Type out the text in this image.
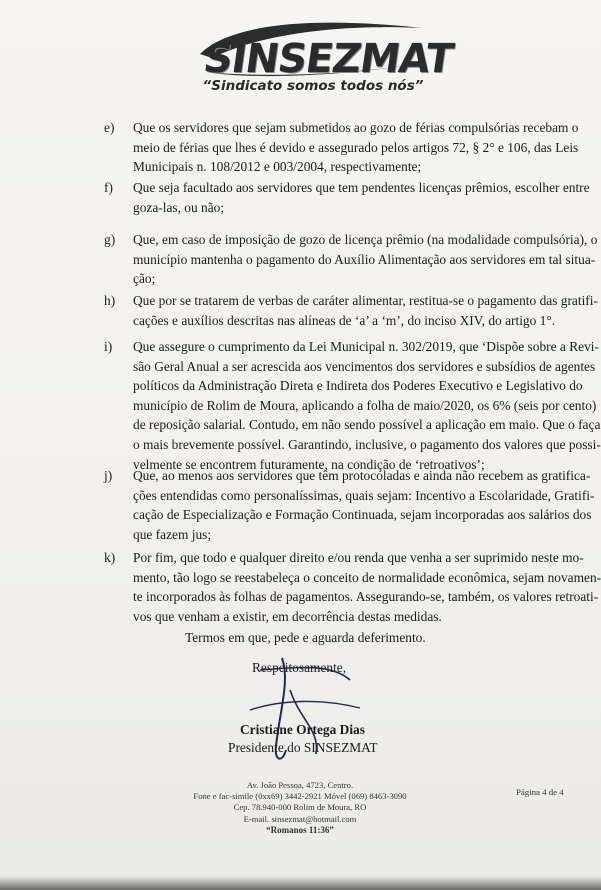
SINSEZMAT
“Sindicato somos todos nós”
e)	Que os servidores que sejam submetidos ao gozo de férias compulsórias recebam o
meio de férias que lhes é devido e assegurado pelos artigos 72, § 2° e 106, das Leis
Municipais n. 108/2012 e 003/2004, respectivamente;
f)	Que seja facultado aos servidores que tem pendentes licenças prêmios, escolher entre
goza-las, ou não;
g)	Que, em caso de imposição de gozo de licença prêmio (na modalidade compulsória), o
município mantenha o pagamento do Auxílio Alimentação aos servidores em tal situa-
ção;
h)	Que por se tratarem de verbas de caráter alimentar, restitua-se o pagamento das gratifi-
cações e auxílios descritas nas alíneas de ‘a’ a ‘m’, do inciso XIV, do artigo 1°.
i)	Que assegure o cumprimento da Lei Municipal n. 302/2019, que ‘Dispõe sobre a Revi-
são Geral Anual a ser acrescida aos vencimentos dos servidores e subsídios de agentes
políticos da Administração Direta e Indireta dos Poderes Executivo e Legislativo do
município de Rolim de Moura, aplicando a folha de maio/2020, os 6% (seis por cento)
de reposição salarial. Contudo, em não sendo possível a aplicação em maio. Que o faça
o mais brevemente possível. Garantindo, inclusive, o pagamento dos valores que possi-
velmente se encontrem futuramente, na condição de ‘retroativos’;
j)	Que, ao menos aos servidores que têm protocoladas e ainda não recebem as gratifica-
ções entendidas como personalíssimas, quais sejam: Incentivo a Escolaridade, Gratifi-
cação de Especialização e Formação Continuada, sejam incorporadas aos salários dos
que fazem jus;
k)	Por fim, que todo e qualquer direito e/ou renda que venha a ser suprimido neste mo-
mento, tão logo se reestabeleça o conceito de normalidade econômica, sejam novamen-
te incorporados às folhas de pagamentos. Assegurando-se, também, os valores retroati-
vos que venham a existir, em decorrência destas medidas.
Termos em que, pede e aguarda deferimento.
Respeitosamente,
Cristiane Ortega Dias
Presidente do SINSEZMAT
Av. João Pessoa, 4723, Centro.
Fone e fac-simile (0xx69) 3442-2921 Móvel (069) 8463-3090
Cep. 78.940-000 Rolim de Moura, RO
E-mail. sinsezmat@hotmail.com
“Romanos 11:36”
Página 4 de 4
